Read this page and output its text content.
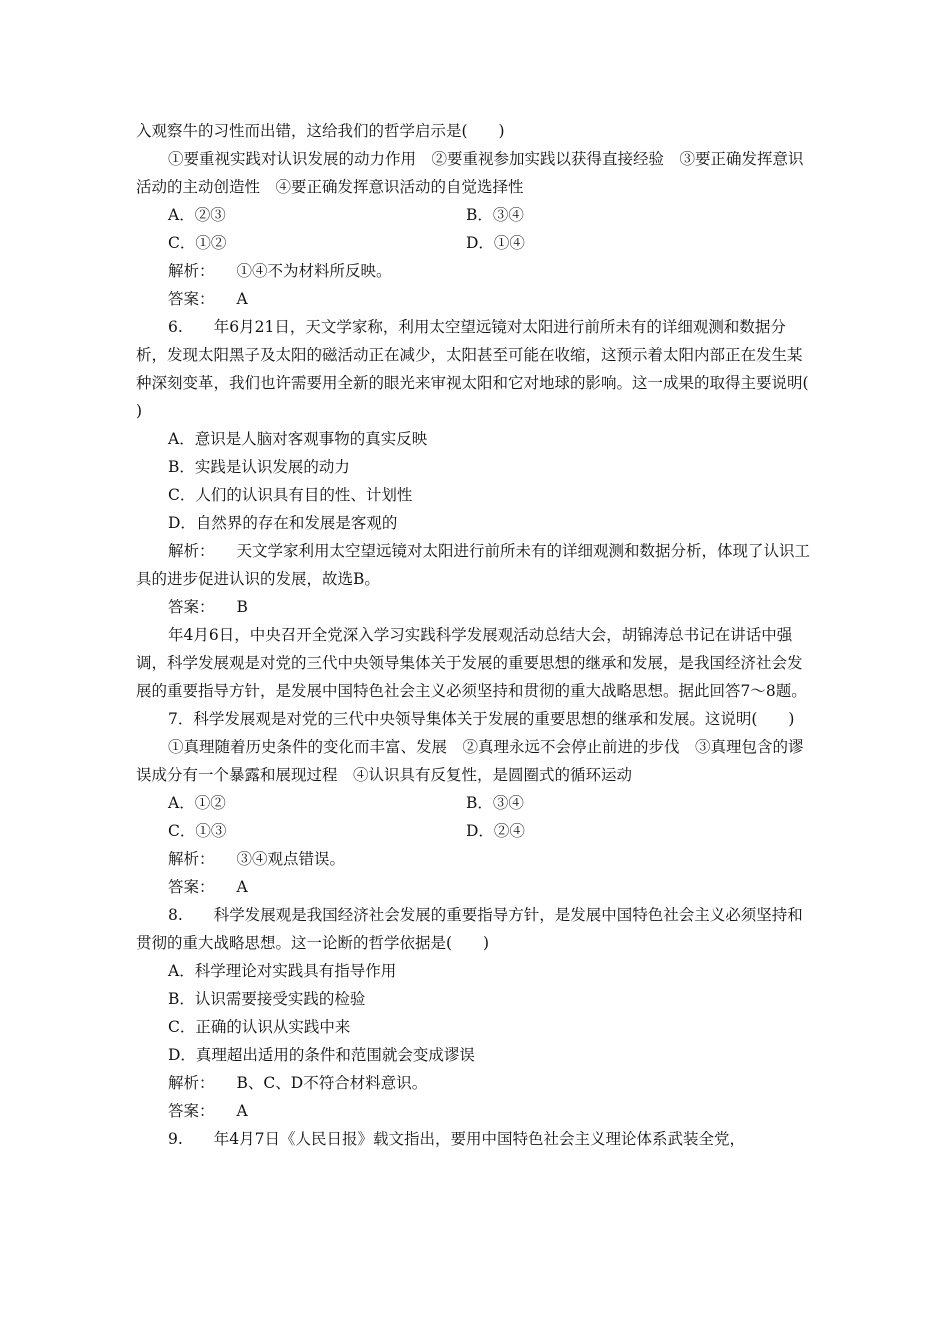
入观察牛的习性而出错，这给我们的哲学启示是(　　)

①要重视实践对认识发展的动力作用　②要重视参加实践以获得直接经验　③要正确发挥意识活动的主动创造性　④要正确发挥意识活动的自觉选择性

A．②③	B．③④
C．①②	D．①④

解析： ①④不为材料所反映。

答案： A

6.　　年6月21日，天文学家称，利用太空望远镜对太阳进行前所未有的详细观测和数据分析，发现太阳黑子及太阳的磁活动正在减少，太阳甚至可能在收缩，这预示着太阳内部正在发生某种深刻变革，我们也许需要用全新的眼光来审视太阳和它对地球的影响。这一成果的取得主要说明(　　)

A．意识是人脑对客观事物的真实反映

B．实践是认识发展的动力

C．人们的认识具有目的性、计划性

D．自然界的存在和发展是客观的

解析： 天文学家利用太空望远镜对太阳进行前所未有的详细观测和数据分析，体现了认识工具的进步促进认识的发展，故选B。

答案： B

年4月6日，中央召开全党深入学习实践科学发展观活动总结大会，胡锦涛总书记在讲话中强调，科学发展观是对党的三代中央领导集体关于发展的重要思想的继承和发展，是我国经济社会发展的重要指导方针，是发展中国特色社会主义必须坚持和贯彻的重大战略思想。据此回答7～8题。

7．科学发展观是对党的三代中央领导集体关于发展的重要思想的继承和发展。这说明(　　)

①真理随着历史条件的变化而丰富、发展　②真理永远不会停止前进的步伐　③真理包含的谬误成分有一个暴露和展现过程　④认识具有反复性，是圆圈式的循环运动

A．①②	B．③④
C．①③	D．②④

解析： ③④观点错误。

答案： A

8.　　科学发展观是我国经济社会发展的重要指导方针，是发展中国特色社会主义必须坚持和贯彻的重大战略思想。这一论断的哲学依据是(　　)

A．科学理论对实践具有指导作用

B．认识需要接受实践的检验

C．正确的认识从实践中来

D．真理超出适用的条件和范围就会变成谬误

解析： B、C、D不符合材料意识。

答案： A

9.　　年4月7日《人民日报》载文指出，要用中国特色社会主义理论体系武装全党，
